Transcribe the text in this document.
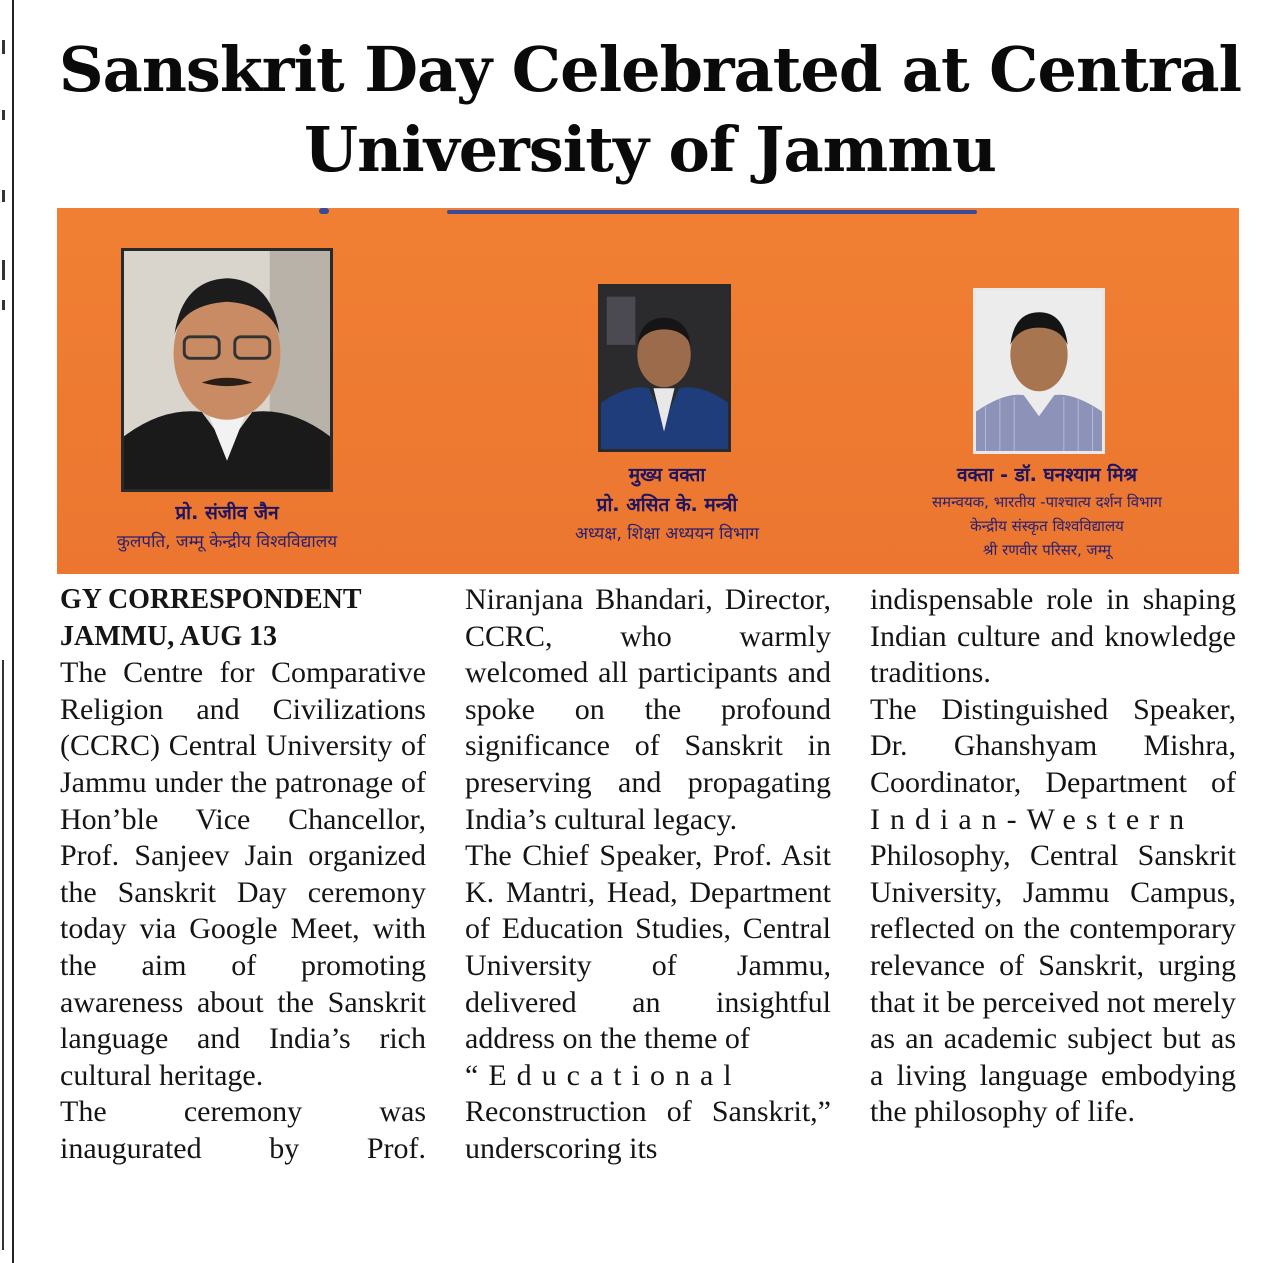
Sanskrit Day Celebrated at Central University of Jammu
प्रो. संजीव जैन
कुलपति, जम्मू केन्द्रीय विश्वविद्यालय
मुख्य वक्ता
प्रो. असित के. मन्त्री
अध्यक्ष, शिक्षा अध्ययन विभाग
वक्ता - डॉ. घनश्याम मिश्र
समन्वयक, भारतीय -पाश्चात्य दर्शन विभाग
केन्द्रीय संस्कृत विश्वविद्यालय
श्री रणवीर परिसर, जम्मू

GY CORRESPONDENT

JAMMU, AUG 13

The Centre for Comparative Religion and Civilizations (CCRC) Central University of Jammu under the patronage of Hon’ble Vice Chancellor, Prof. Sanjeev Jain organized the Sanskrit Day ceremony today via Google Meet, with the aim of promoting awareness about the Sanskrit language and India’s rich cultural heritage.

The ceremony was inaugurated by Prof.

Niranjana Bhandari, Director, CCRC, who warmly welcomed all participants and spoke on the profound significance of Sanskrit in preserving and propagating India’s cultural legacy.

The Chief Speaker, Prof. Asit K. Mantri, Head, Department of Education Studies, Central University of Jammu, delivered an insightful address on the theme of

“Educational

Reconstruction of Sanskrit,” underscoring its

indispensable role in shaping Indian culture and knowledge traditions.

The Distinguished Speaker, Dr. Ghanshyam Mishra, Coordinator, Department of

Indian-Western

Philosophy, Central Sanskrit University, Jammu Campus, reflected on the contemporary relevance of Sanskrit, urging that it be perceived not merely as an academic subject but as a living language embodying the philosophy of life.
